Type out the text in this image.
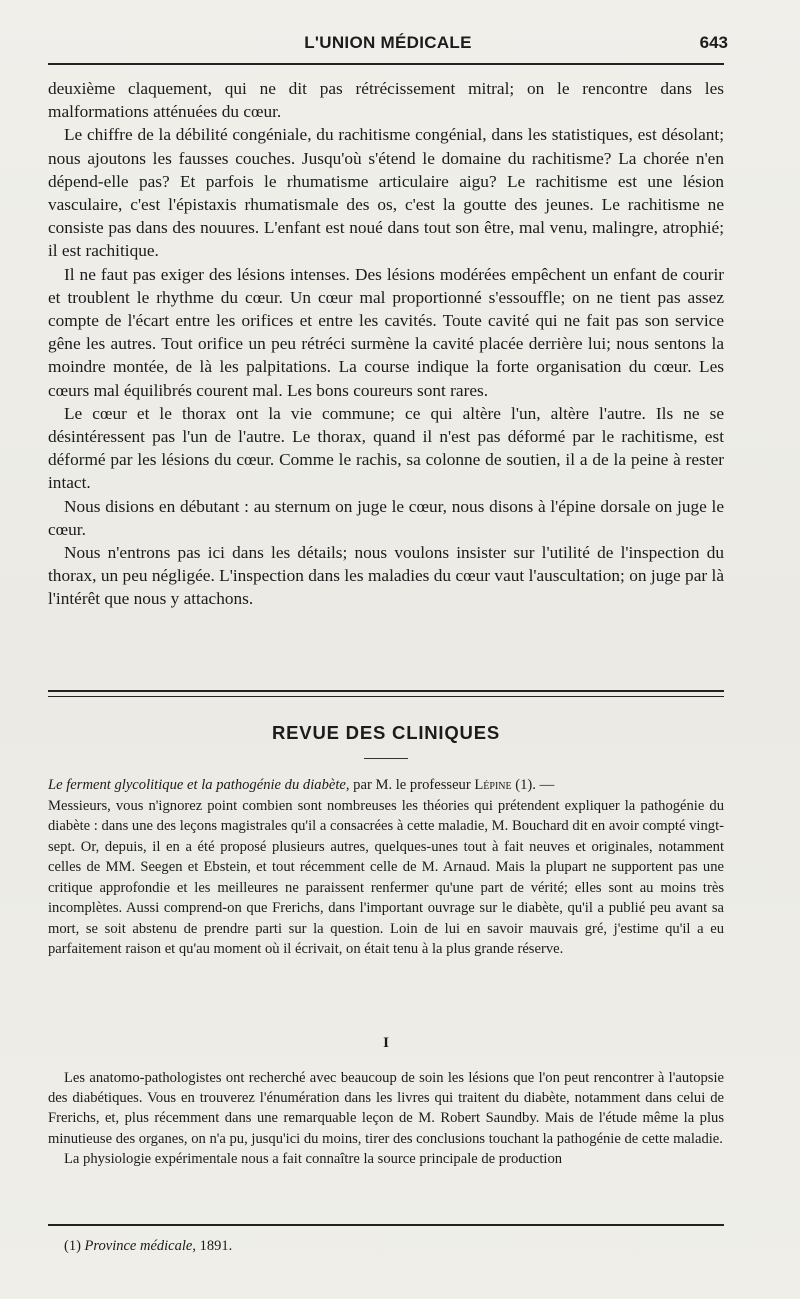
L'UNION MÉDICALE	643

deuxième claquement, qui ne dit pas rétrécissement mitral; on le rencontre dans les malformations atténuées du cœur.

Le chiffre de la débilité congéniale, du rachitisme congénial, dans les statistiques, est désolant; nous ajoutons les fausses couches. Jusqu'où s'étend le domaine du rachitisme? La chorée n'en dépend-elle pas? Et parfois le rhumatisme articulaire aigu? Le rachitisme est une lésion vasculaire, c'est l'épistaxis rhumatismale des os, c'est la goutte des jeunes. Le rachitisme ne consiste pas dans des nouures. L'enfant est noué dans tout son être, mal venu, malingre, atrophié; il est rachitique.

Il ne faut pas exiger des lésions intenses. Des lésions modérées empêchent un enfant de courir et troublent le rhythme du cœur. Un cœur mal proportionné s'essouffle; on ne tient pas assez compte de l'écart entre les orifices et entre les cavités. Toute cavité qui ne fait pas son service gêne les autres. Tout orifice un peu rétréci surmène la cavité placée derrière lui; nous sentons la moindre montée, de là les palpitations. La course indique la forte organisation du cœur. Les cœurs mal équilibrés courent mal. Les bons coureurs sont rares.

Le cœur et le thorax ont la vie commune; ce qui altère l'un, altère l'autre. Ils ne se désintéressent pas l'un de l'autre. Le thorax, quand il n'est pas déformé par le rachitisme, est déformé par les lésions du cœur. Comme le rachis, sa colonne de soutien, il a de la peine à rester intact.

Nous disions en débutant : au sternum on juge le cœur, nous disons à l'épine dorsale on juge le cœur.

Nous n'entrons pas ici dans les détails; nous voulons insister sur l'utilité de l'inspection du thorax, un peu négligée. L'inspection dans les maladies du cœur vaut l'auscultation; on juge par là l'intérêt que nous y attachons.

REVUE DES CLINIQUES

Le ferment glycolitique et la pathogénie du diabète, par M. le professeur Lépine (1). —

Messieurs, vous n'ignorez point combien sont nombreuses les théories qui prétendent expliquer la pathogénie du diabète : dans une des leçons magistrales qu'il a consacrées à cette maladie, M. Bouchard dit en avoir compté vingt-sept. Or, depuis, il en a été proposé plusieurs autres, quelques-unes tout à fait neuves et originales, notamment celles de MM. Seegen et Ebstein, et tout récemment celle de M. Arnaud. Mais la plupart ne supportent pas une critique approfondie et les meilleures ne paraissent renfermer qu'une part de vérité; elles sont au moins très incomplètes. Aussi comprend-on que Frerichs, dans l'important ouvrage sur le diabète, qu'il a publié peu avant sa mort, se soit abstenu de prendre parti sur la question. Loin de lui en savoir mauvais gré, j'estime qu'il a eu parfaitement raison et qu'au moment où il écrivait, on était tenu à la plus grande réserve.

I

Les anatomo-pathologistes ont recherché avec beaucoup de soin les lésions que l'on peut rencontrer à l'autopsie des diabétiques. Vous en trouverez l'énumération dans les livres qui traitent du diabète, notamment dans celui de Frerichs, et, plus récemment dans une remarquable leçon de M. Robert Saundby. Mais de l'étude même la plus minutieuse des organes, on n'a pu, jusqu'ici du moins, tirer des conclusions touchant la pathogénie de cette maladie.

La physiologie expérimentale nous a fait connaître la source principale de production

(1) Province médicale, 1891.
